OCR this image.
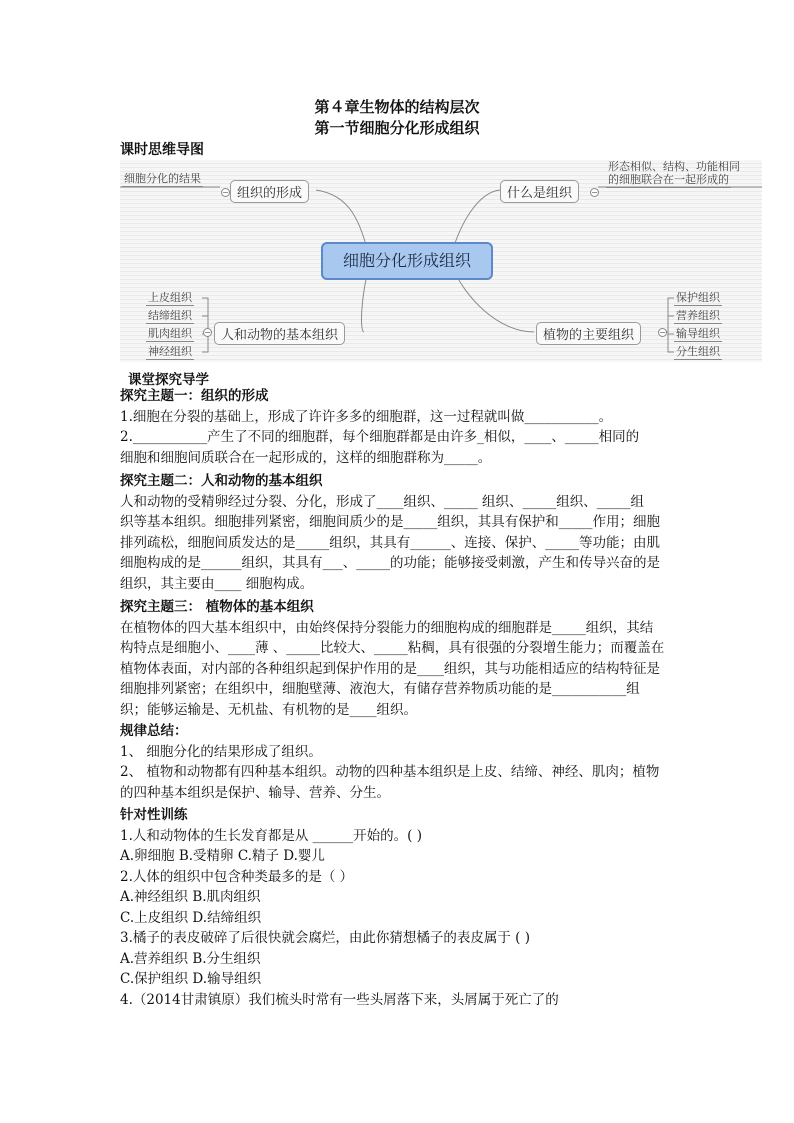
第４章生物体的结构层次
第一节细胞分化形成组织
课时思维导图
细胞分化的结果
− 组织的形成	什么是组织	−
形态相似、结构、功能相同
的细胞联合在一起形成的
细胞分化形成组织
上皮组织
结缔组织
肌肉组织
神经组织
− 人和动物的基本组织	植物的主要组织	−
保护组织
营养组织
输导组织
分生组织
课堂探究导学
探究主题一：组织的形成
1.细胞在分裂的基础上，形成了许许多多的细胞群，这一过程就叫做___________。
2.___________产生了不同的细胞群，每个细胞群都是由许多_相似，____、_____相同的
细胞和细胞间质联合在一起形成的，这样的细胞群称为_____。
探究主题二：人和动物的基本组织
人和动物的受精卵经过分裂、分化，形成了____组织、_____ 组织、_____组织、_____组
织等基本组织。细胞排列紧密，细胞间质少的是_____组织，其具有保护和_____作用；细胞
排列疏松，细胞间质发达的是_____组织，其具有______、连接、保护、_____等功能；由肌
细胞构成的是______组织，其具有___、_____的功能；能够接受刺激，产生和传导兴奋的是
组织，其主要由____ 细胞构成。
探究主题三： 植物体的基本组织
在植物体的四大基本组织中，由始终保持分裂能力的细胞构成的细胞群是_____组织，其结
构特点是细胞小、____薄 、_____比较大、_____粘稠，具有很强的分裂增生能力；而覆盖在
植物体表面，对内部的各种组织起到保护作用的是____组织，其与功能相适应的结构特征是
细胞排列紧密；在组织中，细胞壁薄、液泡大，有储存营养物质功能的是___________组
织；能够运输是、无机盐、有机物的是____组织。
规律总结：
1、 细胞分化的结果形成了组织。
2、 植物和动物都有四种基本组织。动物的四种基本组织是上皮、结缔、神经、肌肉；植物
的四种基本组织是保护、输导、营养、分生。
针对性训练
1.人和动物体的生长发育都是从 ______开始的。( )
A.卵细胞 B.受精卵 C.精子 D.婴儿
2.人体的组织中包含种类最多的是（ ）
A.神经组织 B.肌肉组织
C.上皮组织 D.结缔组织
3.橘子的表皮破碎了后很快就会腐烂，由此你猜想橘子的表皮属于 ( )
A.营养组织 B.分生组织
C.保护组织 D.输导组织
4.（2014甘肃镇原）我们梳头时常有一些头屑落下来，头屑属于死亡了的
